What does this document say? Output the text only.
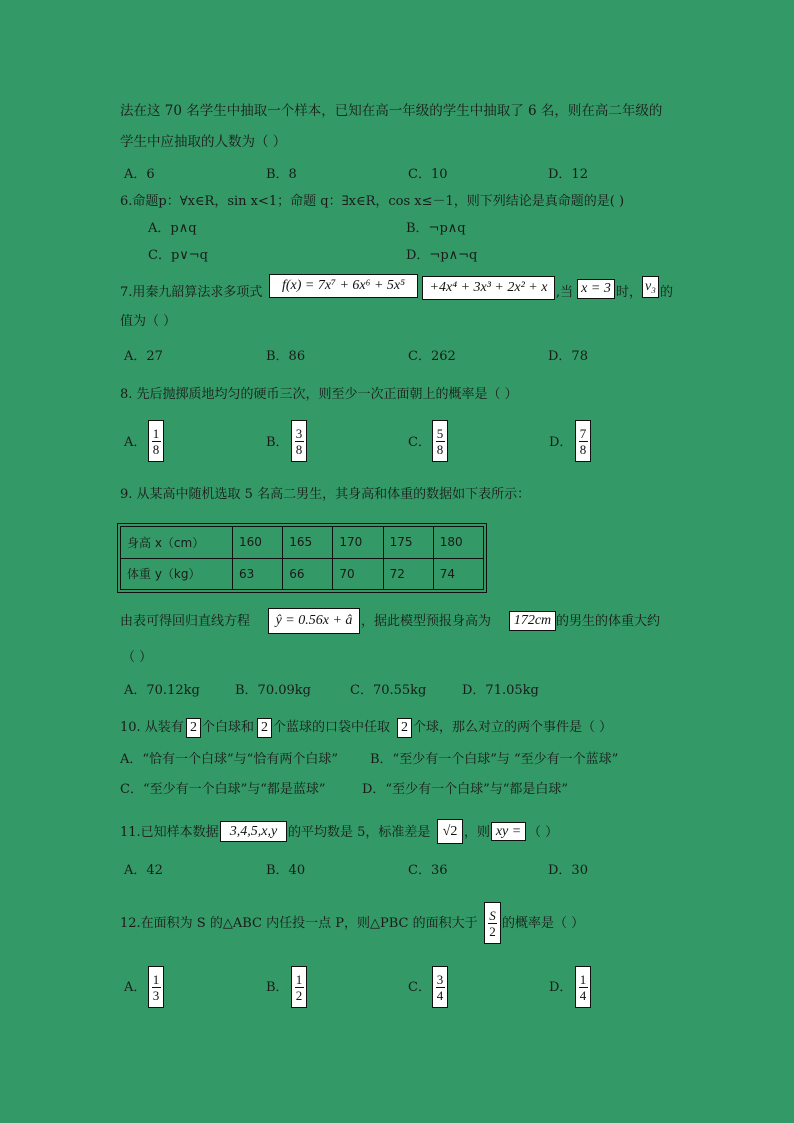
法在这 70 名学生中抽取一个样本，已知在高一年级的学生中抽取了 6 名，则在高二年级的
学生中应抽取的人数为（ ）
A．6	B．8	C．10	D．12
6.命题p：∀x∈R，sin x<1；命题 q：∃x∈R，cos x≤－1，则下列结论是真命题的是( )
A．p∧q	B．¬p∧q
C．p∨¬q	D．¬p∧¬q
7.用秦九韶算法求多项式	f(x) = 7x⁷ + 6x⁶ + 5x⁵	+4x⁴ + 3x³ + 2x² + x ,当 x = 3 时， v₃ 的
值为（ ）
A．27	B．86	C．262	D．78
8. 先后抛掷质地均匀的硬币三次，则至少一次正面朝上的概率是（ ）
A．
1
8	B．
3
8	C．
5
8	D．
7
8
9. 从某高中随机选取 5 名高二男生，其身高和体重的数据如下表所示：
身高 x（cm）	160	165	170	175	180
体重 y（kg）	63	66	70	72	74
由表可得回归直线方程	ŷ = 0.56x + â ，据此模型预报身高为	172cm 的男生的体重大约
（ ）
A．70.12kg	B．70.09kg	C．70.55kg	D．71.05kg
10. 从装有 2 个白球和 2 个蓝球的口袋中任取 2 个球，那么对立的两个事件是（ ）
A．“恰有一个白球”与“恰有两个白球” B．“至少有一个白球”与 “至少有一个蓝球”
C．“至少有一个白球”与“都是蓝球”	D．“至少有一个白球”与“都是白球”
11.已知样本数据 3,4,5,x,y 的平均数是 5，标准差是 √2 ，则 xy = （ ）
A．42	B．40	C．36	D．30
12.在面积为 S 的△ABC 内任投一点 P，则△PBC 的面积大于
S
2 的概率是（ ）
A．
1
3	B．
1
2	C．
3
4	D．
1
4
